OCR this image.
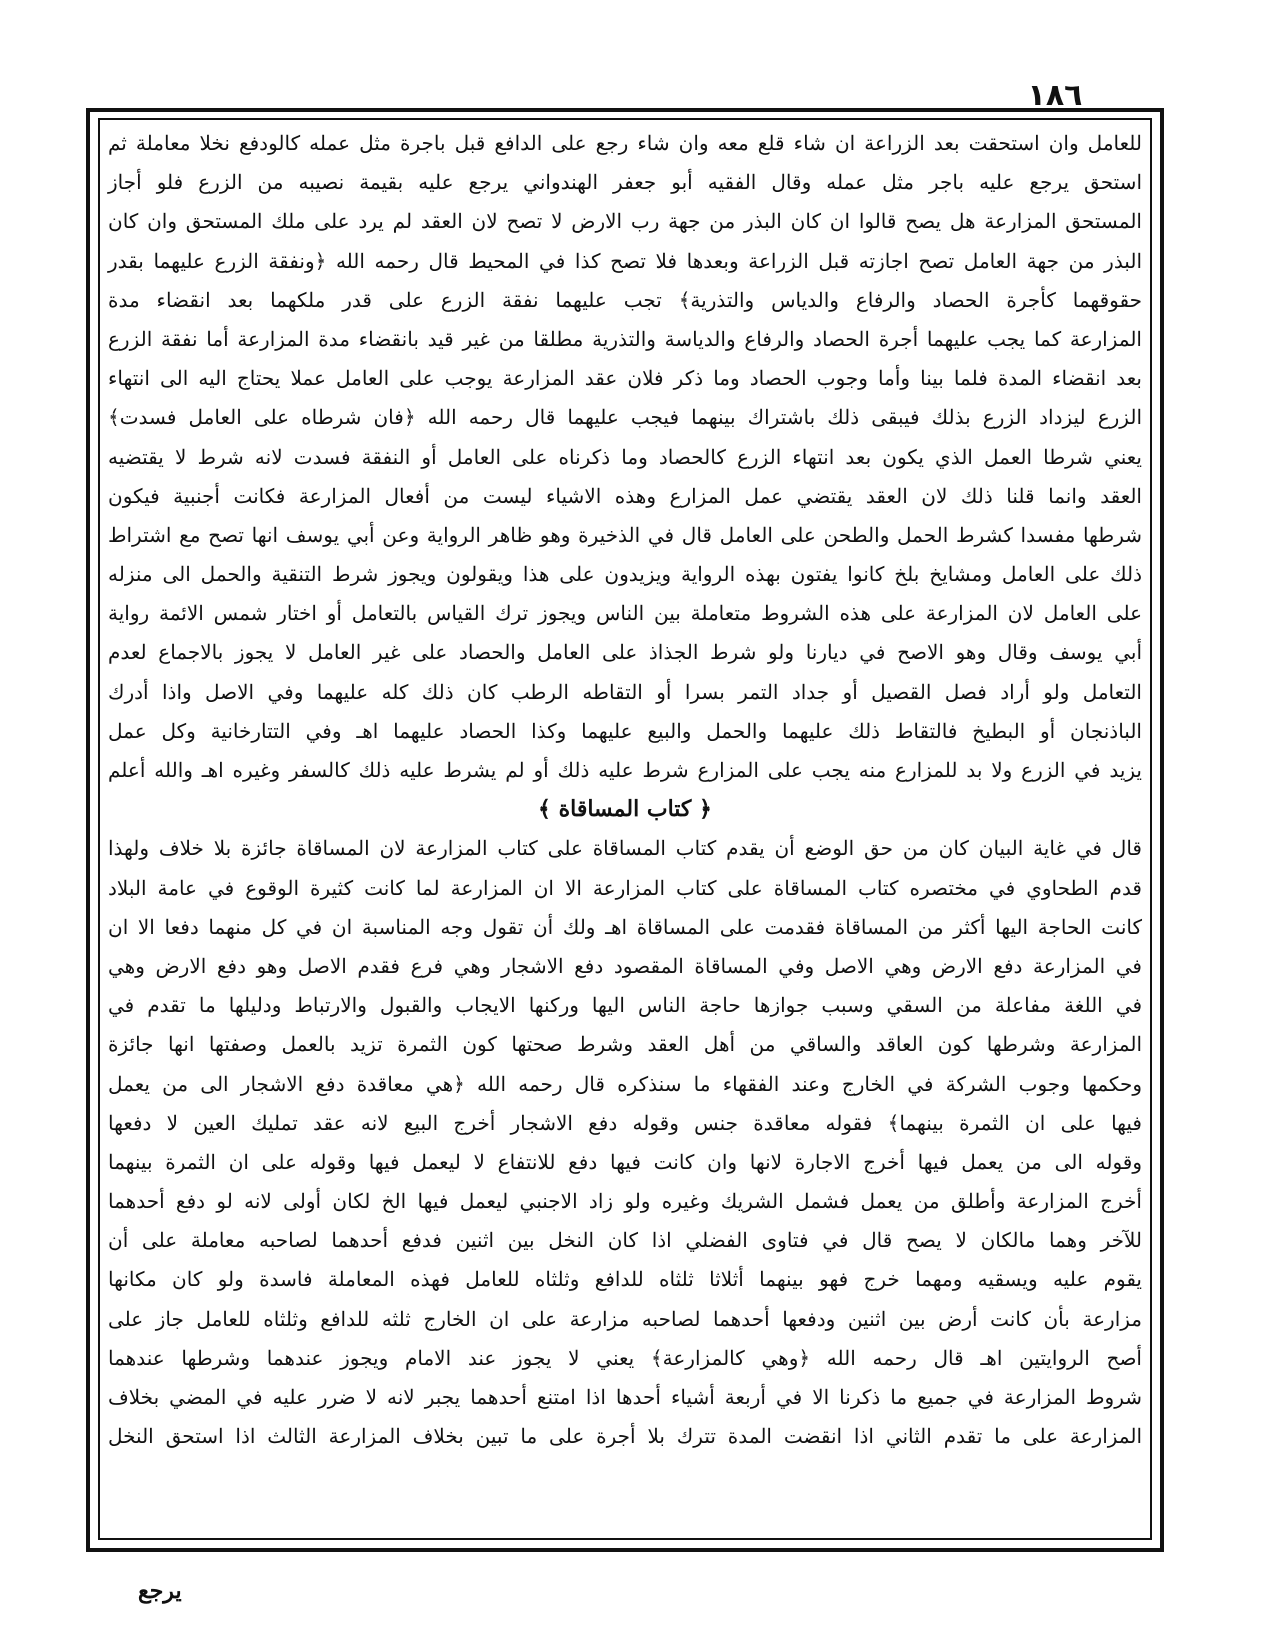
١٨٦
للعامل وان استحقت بعد الزراعة ان شاء قلع معه وان شاء رجع على الدافع قبل باجرة مثل عمله كالودفع نخلا معاملة ثم
استحق يرجع عليه باجر مثل عمله وقال الفقيه أبو جعفر الهندواني يرجع عليه بقيمة نصيبه من الزرع فلو أجاز
المستحق المزارعة هل يصح قالوا ان كان البذر من جهة رب الارض لا تصح لان العقد لم يرد على ملك المستحق وان كان
البذر من جهة العامل تصح اجازته قبل الزراعة وبعدها فلا تصح كذا في المحيط قال رحمه الله ﴿ونفقة الزرع عليهما بقدر
حقوقهما كأجرة الحصاد والرفاع والدياس والتذرية﴾ تجب عليهما نفقة الزرع على قدر ملكهما بعد انقضاء مدة
المزارعة كما يجب عليهما أجرة الحصاد والرفاع والدياسة والتذرية مطلقا من غير قيد بانقضاء مدة المزارعة أما نفقة الزرع
بعد انقضاء المدة فلما بينا وأما وجوب الحصاد وما ذكر فلان عقد المزارعة يوجب على العامل عملا يحتاج اليه الى انتهاء
الزرع ليزداد الزرع بذلك فيبقى ذلك باشتراك بينهما فيجب عليهما قال رحمه الله ﴿فان شرطاه على العامل فسدت﴾
يعني شرطا العمل الذي يكون بعد انتهاء الزرع كالحصاد وما ذكرناه على العامل أو النفقة فسدت لانه شرط لا يقتضيه
العقد وانما قلنا ذلك لان العقد يقتضي عمل المزارع وهذه الاشياء ليست من أفعال المزارعة فكانت أجنبية فيكون
شرطها مفسدا كشرط الحمل والطحن على العامل قال في الذخيرة وهو ظاهر الرواية وعن أبي يوسف انها تصح مع اشتراط
ذلك على العامل ومشايخ بلخ كانوا يفتون بهذه الرواية ويزيدون على هذا ويقولون ويجوز شرط التنقية والحمل الى منزله
على العامل لان المزارعة على هذه الشروط متعاملة بين الناس ويجوز ترك القياس بالتعامل أو اختار شمس الائمة رواية
أبي يوسف وقال وهو الاصح في ديارنا ولو شرط الجذاذ على العامل والحصاد على غير العامل لا يجوز بالاجماع لعدم
التعامل ولو أراد فصل القصيل أو جداد التمر بسرا أو التقاطه الرطب كان ذلك كله عليهما وفي الاصل واذا أدرك
الباذنجان أو البطيخ فالتقاط ذلك عليهما والحمل والبيع عليهما وكذا الحصاد عليهما اهـ وفي التتارخانية وكل عمل
يزيد في الزرع ولا بد للمزارع منه يجب على المزارع شرط عليه ذلك أو لم يشرط عليه ذلك كالسفر وغيره اهـ والله أعلم
﴿ كتاب المساقاة ﴾
قال في غاية البيان كان من حق الوضع أن يقدم كتاب المساقاة على كتاب المزارعة لان المساقاة جائزة بلا خلاف ولهذا
قدم الطحاوي في مختصره كتاب المساقاة على كتاب المزارعة الا ان المزارعة لما كانت كثيرة الوقوع في عامة البلاد
كانت الحاجة اليها أكثر من المساقاة فقدمت على المساقاة اهـ ولك أن تقول وجه المناسبة ان في كل منهما دفعا الا ان
في المزارعة دفع الارض وهي الاصل وفي المساقاة المقصود دفع الاشجار وهي فرع فقدم الاصل وهو دفع الارض وهي
في اللغة مفاعلة من السقي وسبب جوازها حاجة الناس اليها وركنها الايجاب والقبول والارتباط ودليلها ما تقدم في
المزارعة وشرطها كون العاقد والساقي من أهل العقد وشرط صحتها كون الثمرة تزيد بالعمل وصفتها انها جائزة
وحكمها وجوب الشركة في الخارج وعند الفقهاء ما سنذكره قال رحمه الله ﴿هي معاقدة دفع الاشجار الى من يعمل
فيها على ان الثمرة بينهما﴾ فقوله معاقدة جنس وقوله دفع الاشجار أخرج البيع لانه عقد تمليك العين لا دفعها
وقوله الى من يعمل فيها أخرج الاجارة لانها وان كانت فيها دفع للانتفاع لا ليعمل فيها وقوله على ان الثمرة بينهما
أخرج المزارعة وأطلق من يعمل فشمل الشريك وغيره ولو زاد الاجنبي ليعمل فيها الخ لكان أولى لانه لو دفع أحدهما
للآخر وهما مالكان لا يصح قال في فتاوى الفضلي اذا كان النخل بين اثنين فدفع أحدهما لصاحبه معاملة على أن
يقوم عليه ويسقيه ومهما خرج فهو بينهما أثلاثا ثلثاه للدافع وثلثاه للعامل فهذه المعاملة فاسدة ولو كان مكانها
مزارعة بأن كانت أرض بين اثنين ودفعها أحدهما لصاحبه مزارعة على ان الخارج ثلثه للدافع وثلثاه للعامل جاز على
أصح الروايتين اهـ قال رحمه الله ﴿وهي كالمزارعة﴾ يعني لا يجوز عند الامام ويجوز عندهما وشرطها عندهما
شروط المزارعة في جميع ما ذكرنا الا في أربعة أشياء أحدها اذا امتنع أحدهما يجبر لانه لا ضرر عليه في المضي بخلاف
المزارعة على ما تقدم الثاني اذا انقضت المدة تترك بلا أجرة على ما تبين بخلاف المزارعة الثالث اذا استحق النخل
يرجع
